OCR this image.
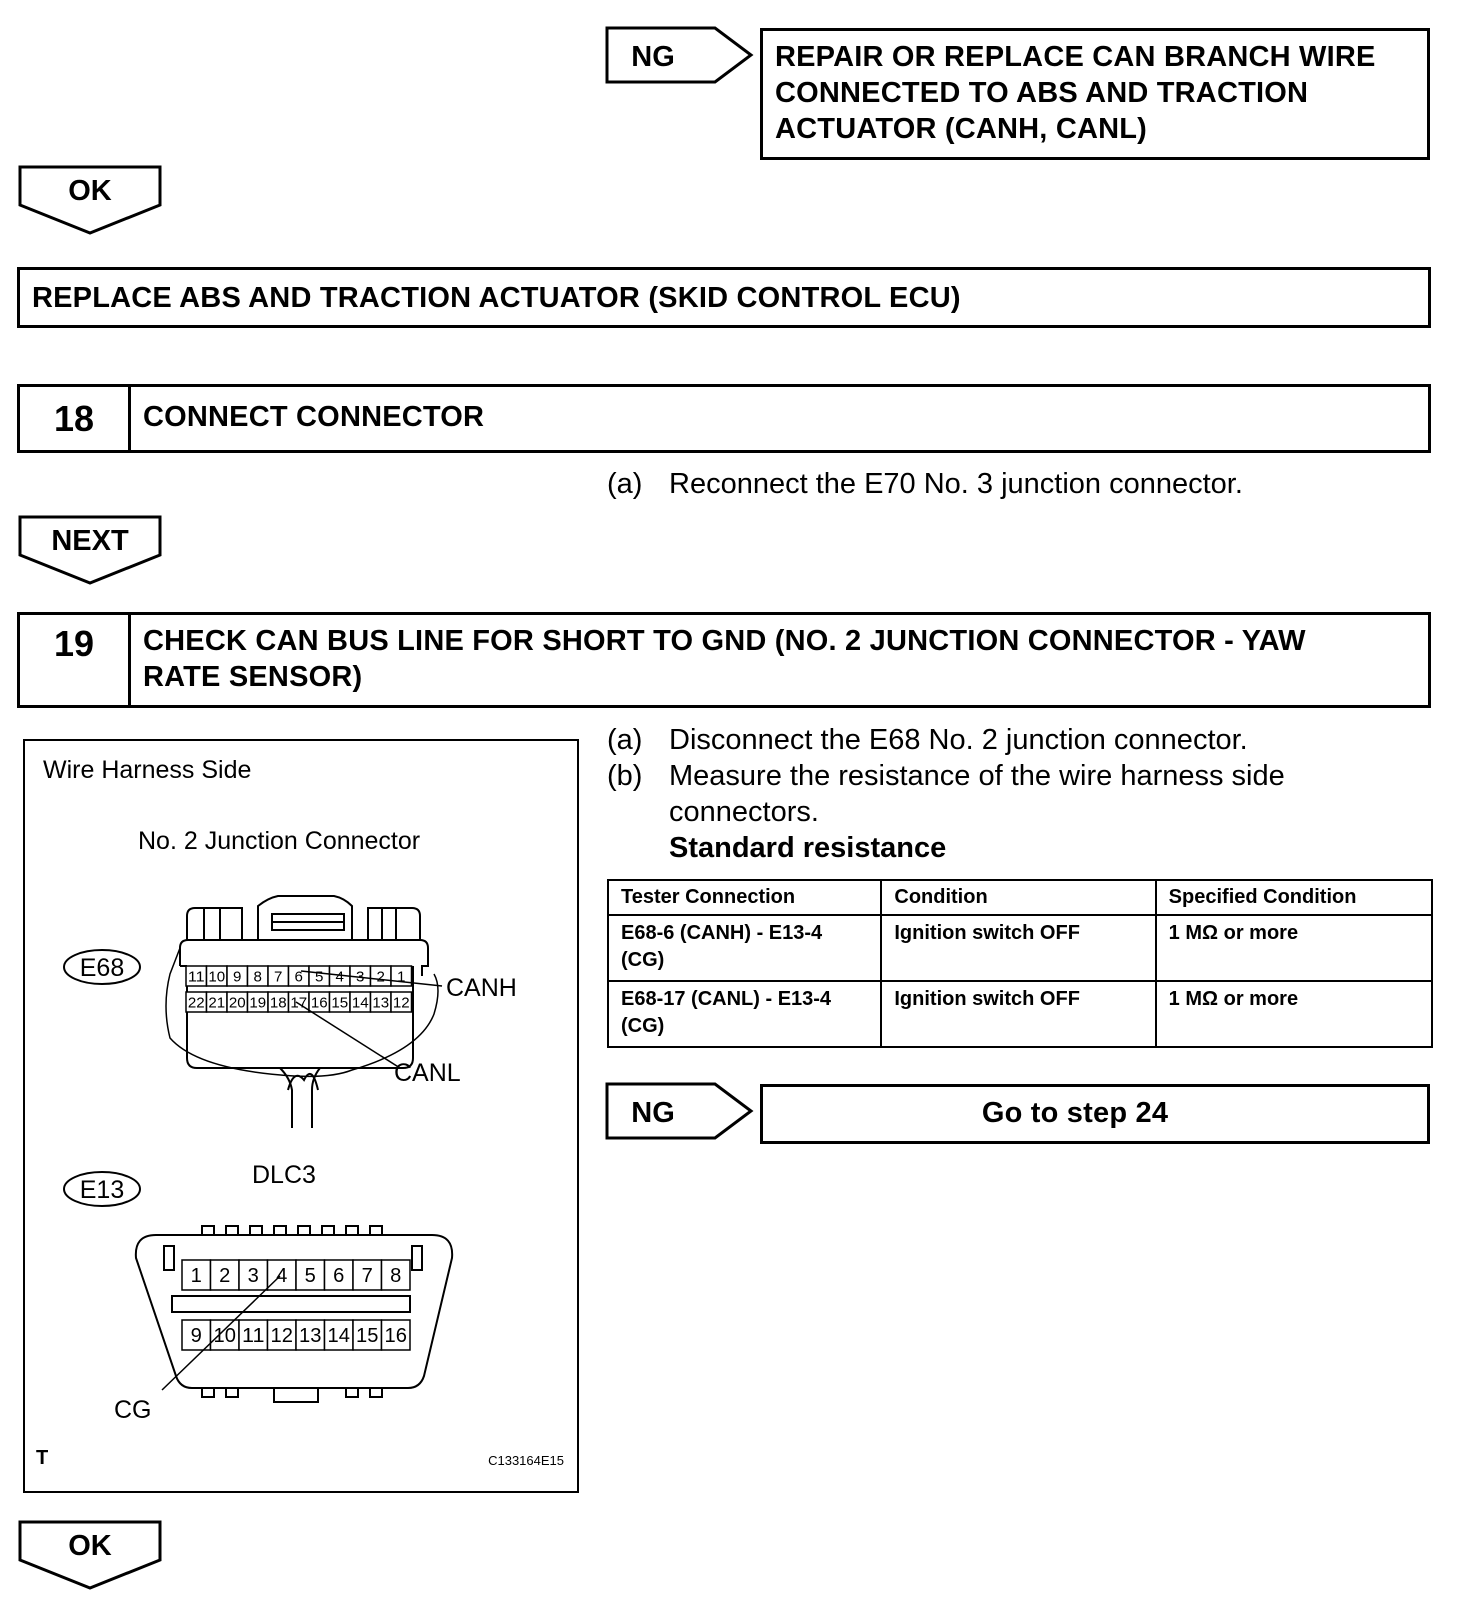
NG	REPAIR OR REPLACE CAN BRANCH WIRE
CONNECTED TO ABS AND TRACTION
ACTUATOR (CANH, CANL)
OK
REPLACE ABS AND TRACTION ACTUATOR (SKID CONTROL ECU)
18	CONNECT CONNECTOR
(a) Reconnect the E70 No. 3 junction connector.
NEXT
19	CHECK CAN BUS LINE FOR SHORT TO GND (NO. 2 JUNCTION CONNECTOR - YAW
RATE SENSOR)
(a) Disconnect the E68 No. 2 junction connector.
(b) Measure the resistance of the wire harness side
connectors.
Standard resistance
Tester Connection	Condition	Specified Condition

E68-6 (CANH) - E13-4
(CG)	Ignition switch OFF	1 MΩ or more

E68-17 (CANL) - E13-4
(CG)	Ignition switch OFF	1 MΩ or more
NG	Go to step 24
OK
Wire Harness Side
No. 2 Junction Connector
E68	11 10 9 8 7 6 5 4 3 2 1
22 21 20 19 18 17 16 15 14 13 12
CANH
CANL
E13
DLC3
1 2 3 4 5 6 7 8
9 10 11 12 13 14 15 16
CG
T	C133164E15
